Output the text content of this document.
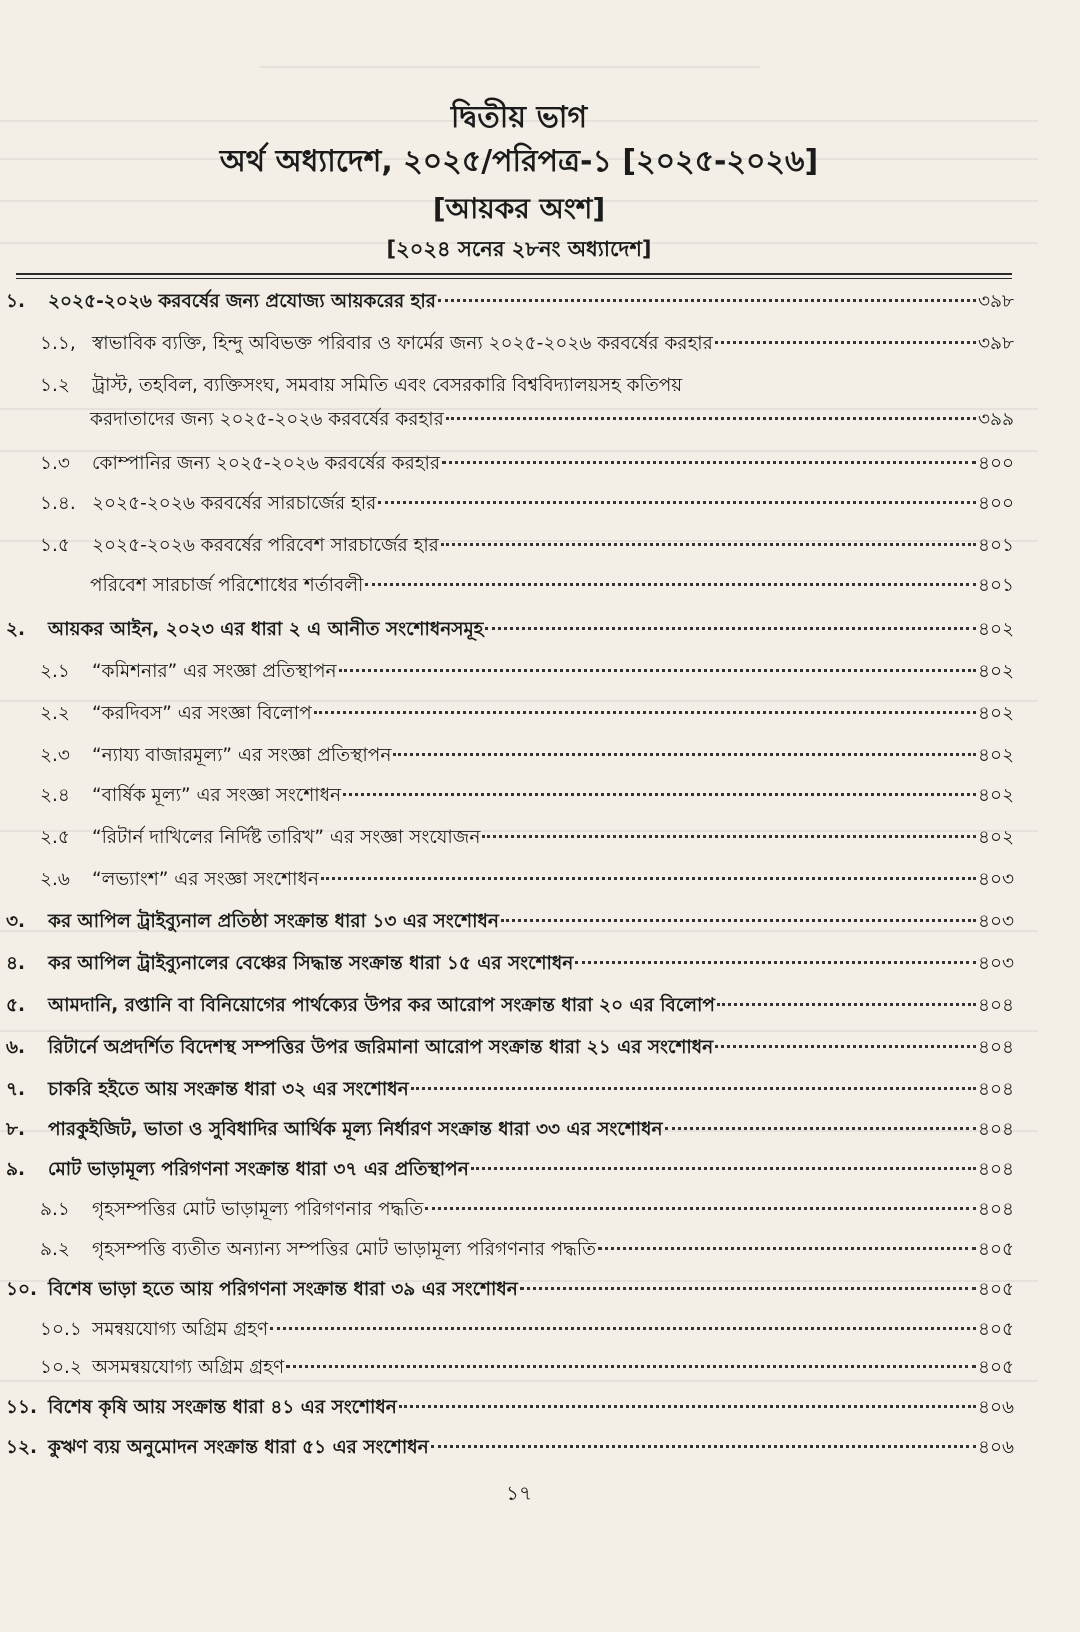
দ্বিতীয় ভাগ
অর্থ অধ্যাদেশ, ২০২৫/পরিপত্র-১ [২০২৫-২০২৬]
[আয়কর অংশ]
[২০২৪ সনের ২৮নং অধ্যাদেশ]
১.	২০২৫-২০২৬ করবর্ষের জন্য প্রযোজ্য আয়করের হার	৩৯৮
১.১, স্বাভাবিক ব্যক্তি, হিন্দু অবিভক্ত পরিবার ও ফার্মের জন্য ২০২৫-২০২৬ করবর্ষের করহার	৩৯৮
১.২	ট্রাস্ট, তহবিল, ব্যক্তিসংঘ, সমবায় সমিতি এবং বেসরকারি বিশ্ববিদ্যালয়সহ কতিপয়
করদাতাদের জন্য ২০২৫-২০২৬ করবর্ষের করহার	৩৯৯
১.৩	কোম্পানির জন্য ২০২৫-২০২৬ করবর্ষের করহার	৪০০
১.৪. ২০২৫-২০২৬ করবর্ষের সারচার্জের হার	৪০০
১.৫	২০২৫-২০২৬ করবর্ষের পরিবেশ সারচার্জের হার	৪০১
পরিবেশ সারচার্জ পরিশোধের শর্তাবলী	৪০১
২.	আয়কর আইন, ২০২৩ এর ধারা ২ এ আনীত সংশোধনসমূহ	৪০২
২.১	“কমিশনার” এর সংজ্ঞা প্রতিস্থাপন	৪০২
২.২	“করদিবস” এর সংজ্ঞা বিলোপ	৪০২
২.৩	“ন্যায্য বাজারমূল্য” এর সংজ্ঞা প্রতিস্থাপন	৪০২
২.৪	“বার্ষিক মূল্য” এর সংজ্ঞা সংশোধন	৪০২
২.৫	“রিটার্ন দাখিলের নির্দিষ্ট তারিখ” এর সংজ্ঞা সংযোজন	৪০২
২.৬	“লভ্যাংশ” এর সংজ্ঞা সংশোধন	৪০৩
৩.	কর আপিল ট্রাইব্যুনাল প্রতিষ্ঠা সংক্রান্ত ধারা ১৩ এর সংশোধন	৪০৩
৪.	কর আপিল ট্রাইব্যুনালের বেঞ্চের সিদ্ধান্ত সংক্রান্ত ধারা ১৫ এর সংশোধন	৪০৩
৫.	আমদানি, রপ্তানি বা বিনিয়োগের পার্থক্যের উপর কর আরোপ সংক্রান্ত ধারা ২০ এর বিলোপ	৪০৪
৬.	রিটার্নে অপ্রদর্শিত বিদেশস্থ সম্পত্তির উপর জরিমানা আরোপ সংক্রান্ত ধারা ২১ এর সংশোধন	৪০৪
৭.	চাকরি হইতে আয় সংক্রান্ত ধারা ৩২ এর সংশোধন	৪০৪
৮.	পারকুইজিট, ভাতা ও সুবিধাদির আর্থিক মূল্য নির্ধারণ সংক্রান্ত ধারা ৩৩ এর সংশোধন	৪০৪
৯.	মোট ভাড়ামূল্য পরিগণনা সংক্রান্ত ধারা ৩৭ এর প্রতিস্থাপন	৪০৪
৯.১	গৃহসম্পত্তির মোট ভাড়ামূল্য পরিগণনার পদ্ধতি	৪০৪
৯.২	গৃহসম্পত্তি ব্যতীত অন্যান্য সম্পত্তির মোট ভাড়ামূল্য পরিগণনার পদ্ধতি	৪০৫
১০. বিশেষ ভাড়া হতে আয় পরিগণনা সংক্রান্ত ধারা ৩৯ এর সংশোধন	৪০৫
১০.১ সমন্বয়যোগ্য অগ্রিম গ্রহণ	৪০৫
১০.২ অসমন্বয়যোগ্য অগ্রিম গ্রহণ	৪০৫
১১. বিশেষ কৃষি আয় সংক্রান্ত ধারা ৪১ এর সংশোধন	৪০৬
১২. কুঋণ ব্যয় অনুমোদন সংক্রান্ত ধারা ৫১ এর সংশোধন	৪০৬
১৭
